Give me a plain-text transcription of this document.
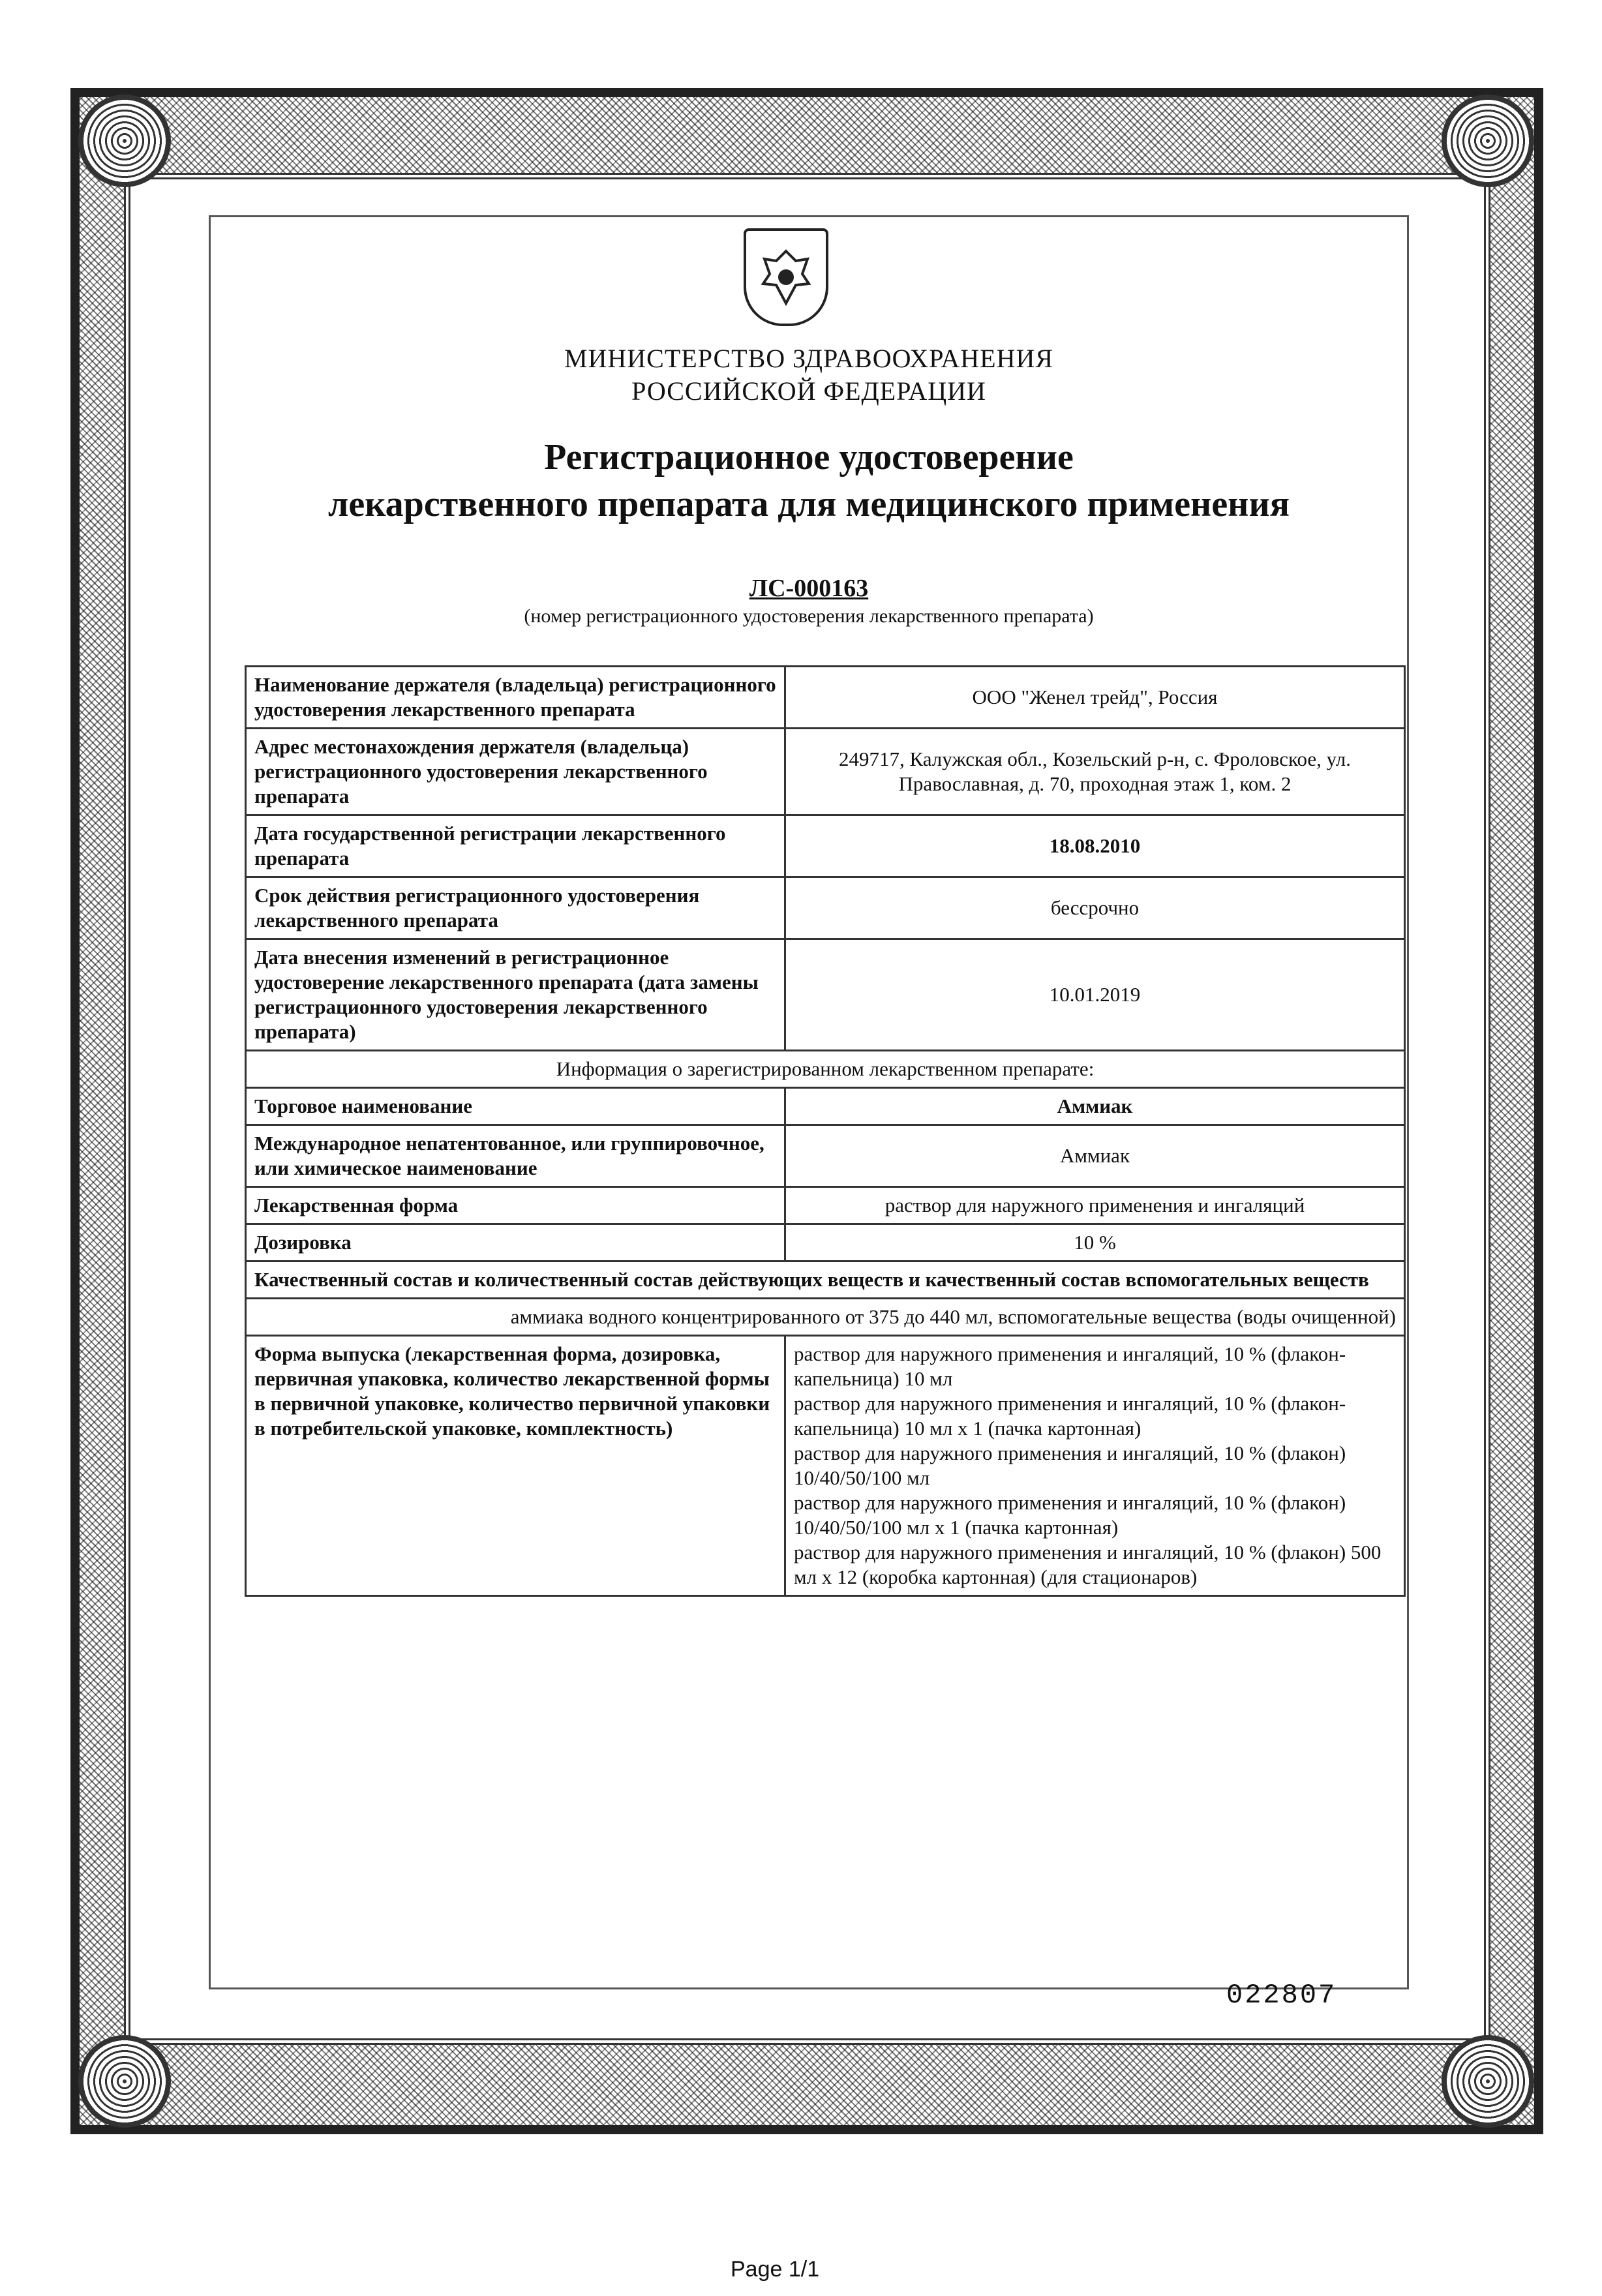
МИНИСТЕРСТВО ЗДРАВООХРАНЕНИЯ
РОССИЙСКОЙ ФЕДЕРАЦИИ
Регистрационное удостоверение
лекарственного препарата для медицинского применения
ЛС-000163
(номер регистрационного удостоверения лекарственного препарата)
Наименование держателя (владельца) регистрационного удостоверения лекарственного препарата	ООО "Женел трейд", Россия
Адрес местонахождения держателя (владельца) регистрационного удостоверения лекарственного препарата	249717, Калужская обл., Козельский р-н, с. Фроловское, ул. Православная, д. 70, проходная этаж 1, ком. 2
Дата государственной регистрации лекарственного препарата	18.08.2010
Срок действия регистрационного удостоверения лекарственного препарата	бессрочно
Дата внесения изменений в регистрационное удостоверение лекарственного препарата (дата замены регистрационного удостоверения лекарственного препарата)	10.01.2019
Информация о зарегистрированном лекарственном препарате:	
Торговое наименование	Аммиак
Международное непатентованное, или группировочное, или химическое наименование	Аммиак
Лекарственная форма	раствор для наружного применения и ингаляций
Дозировка	10 %
Качественный состав и количественный состав действующих веществ и качественный состав вспомогательных веществ	
аммиака водного концентрированного от 375 до 440 мл, вспомогательные вещества (воды очищенной)	
Форма выпуска (лекарственная форма, дозировка, первичная упаковка, количество лекарственной формы в первичной упаковке, количество первичной упаковки в потребительской упаковке, комплектность)	раствор для наружного применения и ингаляций, 10 % (флакон-капельница) 10 мл
раствор для наружного применения и ингаляций, 10 % (флакон-капельница) 10 мл x 1 (пачка картонная)
раствор для наружного применения и ингаляций, 10 % (флакон) 10/40/50/100 мл
раствор для наружного применения и ингаляций, 10 % (флакон) 10/40/50/100 мл x 1 (пачка картонная)
раствор для наружного применения и ингаляций, 10 % (флакон) 500 мл x 12 (коробка картонная) (для стационаров)
022807
Page 1/1
